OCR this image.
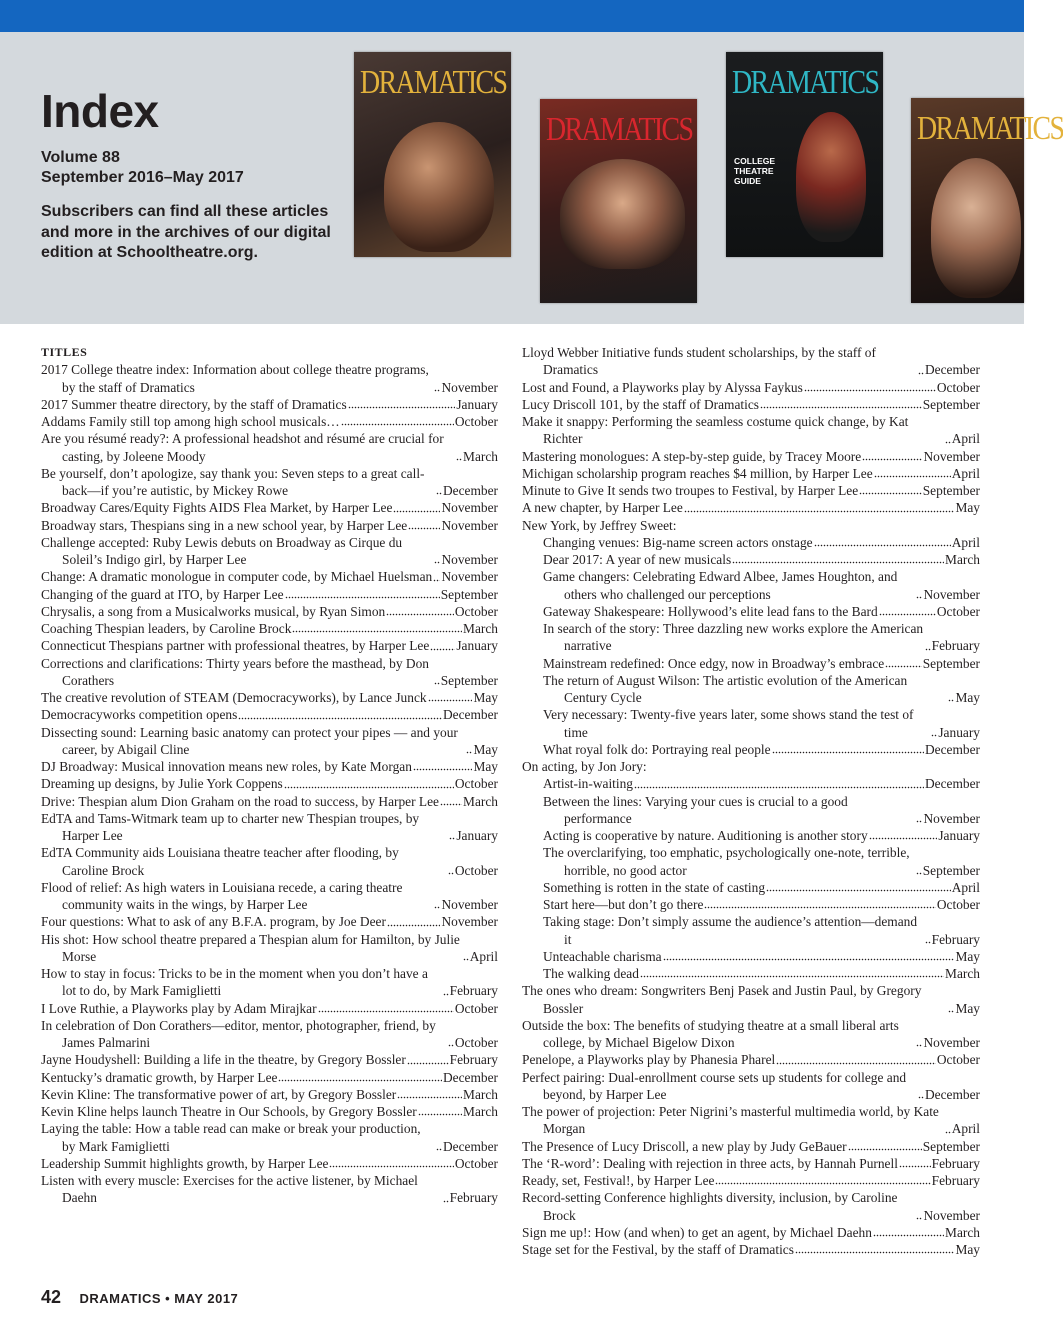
Index
Volume 88
September 2016–May 2017
Subscribers can find all these articles and more in the archives of our digital edition at Schooltheatre.org.
DRAMATICS
DRAMATICS
DRAMATICS
COLLEGE THEATRE GUIDE
DRAMATICS
TITLES
2017 College theatre index: Information about college theatre programs, by the staff of Dramatics	November
2017 Summer theatre directory, by the staff of Dramatics	January
Addams Family still top among high school musicals…	October
Are you résumé ready?: A professional headshot and résumé are crucial for casting, by Joleene Moody	March
Be yourself, don’t apologize, say thank you: Seven steps to a great call-back—if you’re autistic, by Mickey Rowe	December
Broadway Cares/Equity Fights AIDS Flea Market, by Harper Lee	November
Broadway stars, Thespians sing in a new school year, by Harper Lee	November
Challenge accepted: Ruby Lewis debuts on Broadway as Cirque du Soleil’s Indigo girl, by Harper Lee	November
Change: A dramatic monologue in computer code, by Michael Huelsman November
Changing of the guard at ITO, by Harper Lee	September
Chrysalis, a song from a Musicalworks musical, by Ryan Simon	October
Coaching Thespian leaders, by Caroline Brock	March
Connecticut Thespians partner with professional theatres, by Harper Lee January
Corrections and clarifications: Thirty years before the masthead, by Don Corathers	September
The creative revolution of STEAM (Democracyworks), by Lance Junck	May
Democracyworks competition opens	December
Dissecting sound: Learning basic anatomy can protect your pipes — and your career, by Abigail Cline	May
DJ Broadway: Musical innovation means new roles, by Kate Morgan	May
Dreaming up designs, by Julie York Coppens	October
Drive: Thespian alum Dion Graham on the road to success, by Harper Lee March
EdTA and Tams-Witmark team up to charter new Thespian troupes, by Harper Lee	January
EdTA Community aids Louisiana theatre teacher after flooding, by Caroline Brock	October
Flood of relief: As high waters in Louisiana recede, a caring theatre community waits in the wings, by Harper Lee	November
Four questions: What to ask of any B.F.A. program, by Joe Deer	November
His shot: How school theatre prepared a Thespian alum for Hamilton, by Julie Morse	April
How to stay in focus: Tricks to be in the moment when you don’t have a lot to do, by Mark Famiglietti	February
I Love Ruthie, a Playworks play by Adam Mirajkar	October
In celebration of Don Corathers—editor, mentor, photographer, friend, by James Palmarini	October
Jayne Houdyshell: Building a life in the theatre, by Gregory Bossler	February
Kentucky’s dramatic growth, by Harper Lee	December
Kevin Kline: The transformative power of art, by Gregory Bossler	March
Kevin Kline helps launch Theatre in Our Schools, by Gregory Bossler	March
Laying the table: How a table read can make or break your production, by Mark Famiglietti	December
Leadership Summit highlights growth, by Harper Lee	October
Listen with every muscle: Exercises for the active listener, by Michael Daehn	February
Lloyd Webber Initiative funds student scholarships, by the staff of Dramatics	December
Lost and Found, a Playworks play by Alyssa Faykus	October
Lucy Driscoll 101, by the staff of Dramatics	September
Make it snappy: Performing the seamless costume quick change, by Kat Richter	April
Mastering monologues: A step-by-step guide, by Tracey Moore	November
Michigan scholarship program reaches $4 million, by Harper Lee	April
Minute to Give It sends two troupes to Festival, by Harper Lee	September
A new chapter, by Harper Lee	May
New York, by Jeffrey Sweet:
Changing venues: Big-name screen actors onstage	April
Dear 2017: A year of new musicals	March
Game changers: Celebrating Edward Albee, James Houghton, and others who challenged our perceptions	November
Gateway Shakespeare: Hollywood’s elite lead fans to the Bard	October
In search of the story: Three dazzling new works explore the American narrative	February
Mainstream redefined: Once edgy, now in Broadway’s embrace	September
The return of August Wilson: The artistic evolution of the American Century Cycle	May
Very necessary: Twenty-five years later, some shows stand the test of time	January
What royal folk do: Portraying real people	December
On acting, by Jon Jory:
Artist-in-waiting	December
Between the lines: Varying your cues is crucial to a good performance	November
Acting is cooperative by nature. Auditioning is another story	January
The overclarifying, too emphatic, psychologically one-note, terrible, horrible, no good actor	September
Something is rotten in the state of casting	April
Start here—but don’t go there	October
Taking stage: Don’t simply assume the audience’s attention—demand it	February
Unteachable charisma	May
The walking dead	March
The ones who dream: Songwriters Benj Pasek and Justin Paul, by Gregory Bossler	May
Outside the box: The benefits of studying theatre at a small liberal arts college, by Michael Bigelow Dixon	November
Penelope, a Playworks play by Phanesia Pharel	October
Perfect pairing: Dual-enrollment course sets up students for college and beyond, by Harper Lee	December
The power of projection: Peter Nigrini’s masterful multimedia world, by Kate Morgan	April
The Presence of Lucy Driscoll, a new play by Judy GeBauer	September
The ‘R-word’: Dealing with rejection in three acts, by Hannah Purnell	February
Ready, set, Festival!, by Harper Lee	February
Record-setting Conference highlights diversity, inclusion, by Caroline Brock	November
Sign me up!: How (and when) to get an agent, by Michael Daehn	March
Stage set for the Festival, by the staff of Dramatics	May
42 DRAMATICS • MAY 2017
